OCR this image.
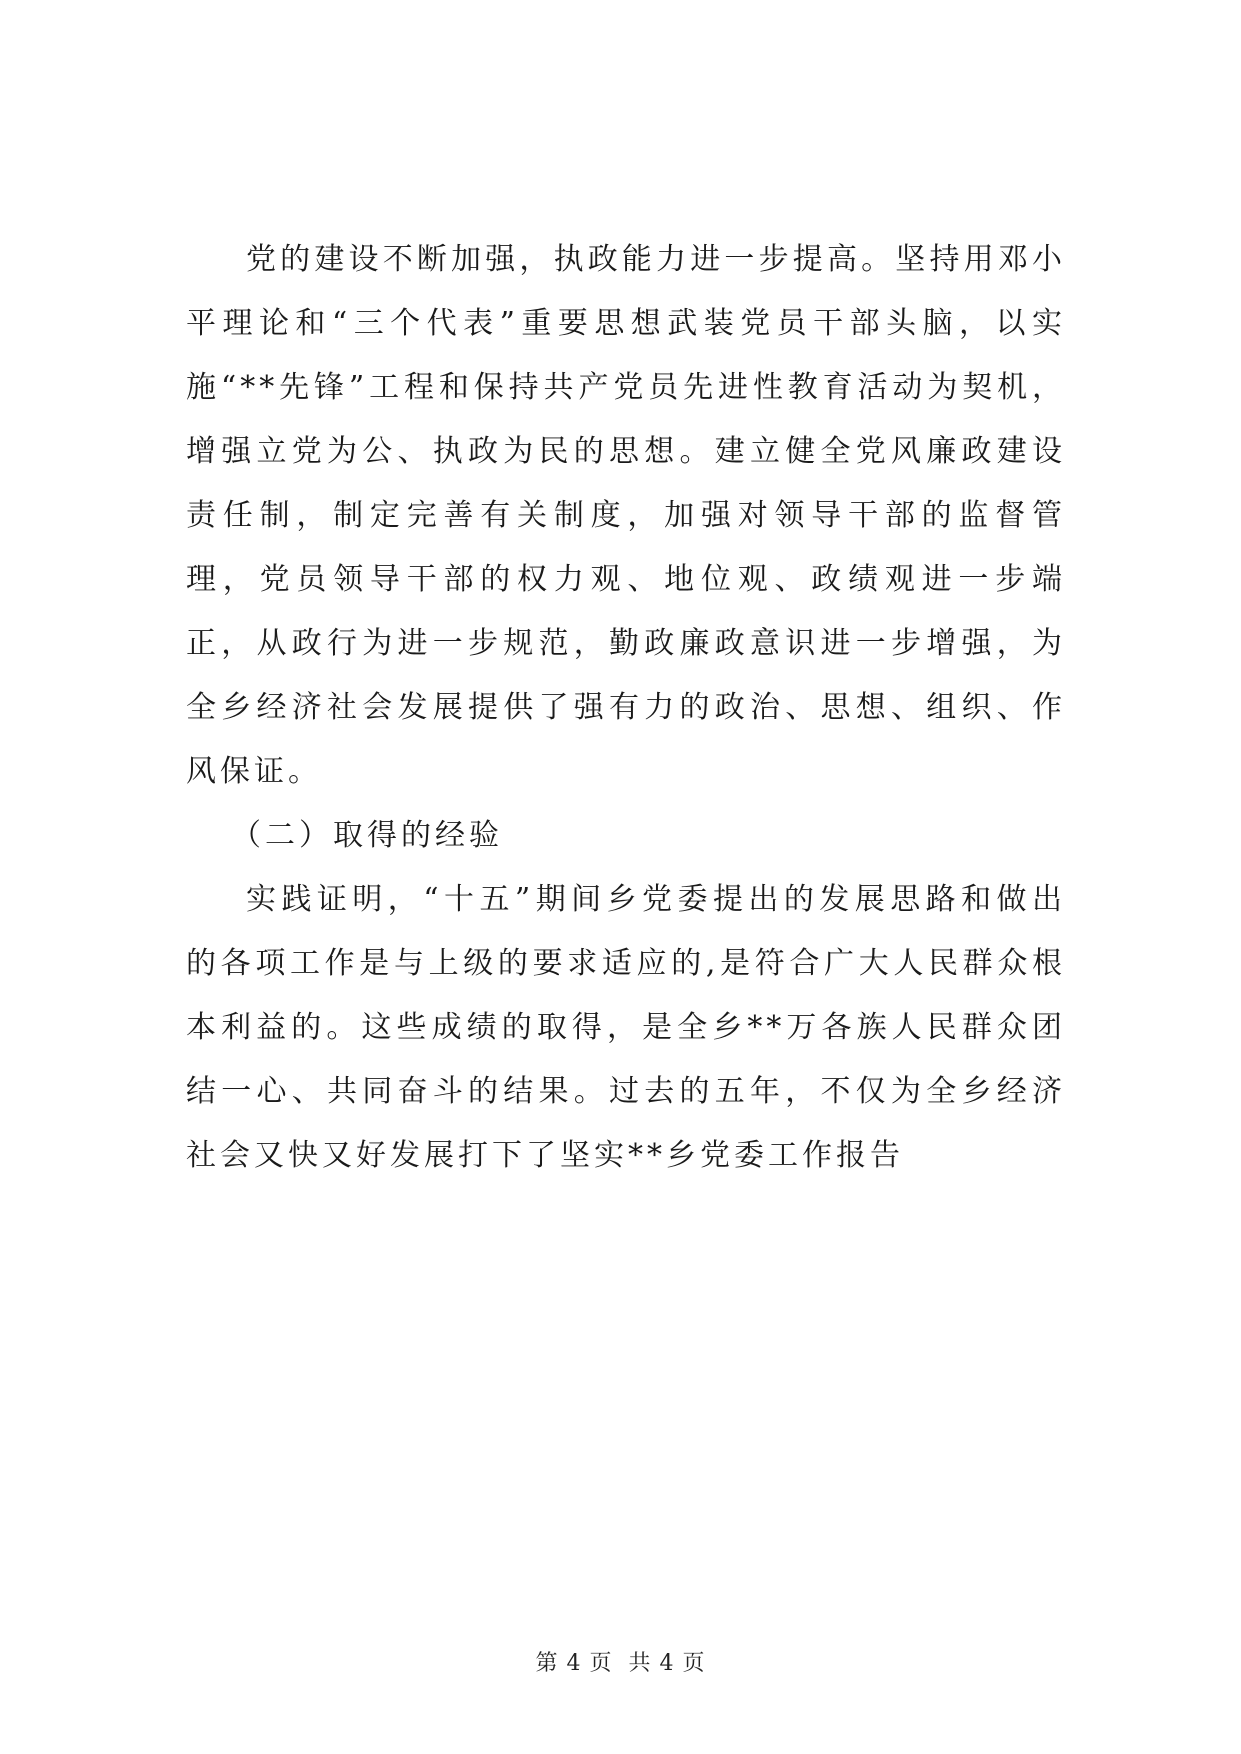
党的建设不断加强，执政能力进一步提高。坚持用邓小平理论和“三个代表”重要思想武装党员干部头脑，以实施“**先锋”工程和保持共产党员先进性教育活动为契机，增强立党为公、执政为民的思想。建立健全党风廉政建设责任制，制定完善有关制度，加强对领导干部的监督管理，党员领导干部的权力观、地位观、政绩观进一步端正，从政行为进一步规范，勤政廉政意识进一步增强，为全乡经济社会发展提供了强有力的政治、思想、组织、作风保证。

（二）取得的经验

实践证明，“十五”期间乡党委提出的发展思路和做出的各项工作是与上级的要求适应的,是符合广大人民群众根本利益的。这些成绩的取得，是全乡**万各族人民群众团结一心、共同奋斗的结果。过去的五年，不仅为全乡经济社会又快又好发展打下了坚实**乡党委工作报告

第 4 页  共 4 页
